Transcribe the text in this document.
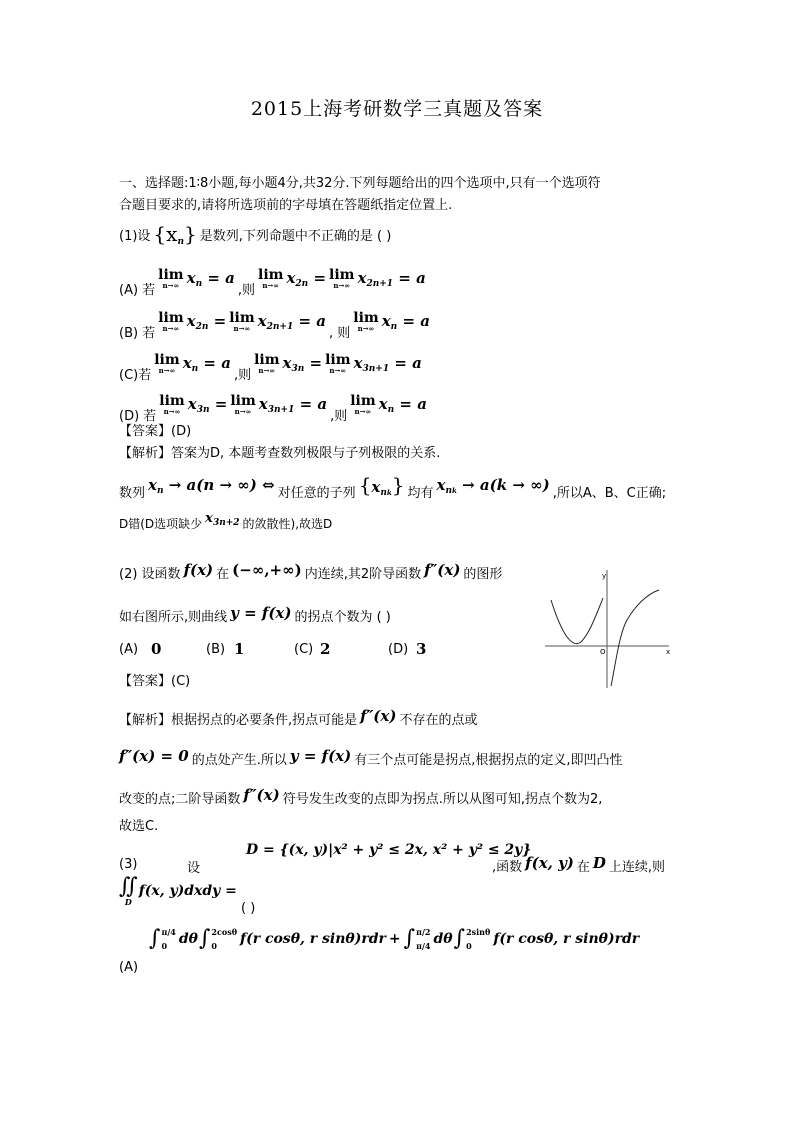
2015上海考研数学三真题及答案
一、选择题:1∶8小题,每小题4分,共32分.下列每题给出的四个选项中,只有一个选项符
合题目要求的,请将所选项前的字母填在答题纸指定位置上.
(1)设 $\{x_n\}$ 是数列,下列命题中不正确的是 ( )
(A) 若
lim
n→∞ $x_n = a$
,则
lim
n→∞ $x_{2n} = \lim$
n→∞ $x_{2n+1} = a$
(B) 若
lim
n→∞ $x_{2n} = \lim$
n→∞ $x_{2n+1} = a$
, 则
lim
n→∞ $x_n = a$
(C)若
lim
n→∞ $x_n = a$
,则
lim
n→∞ $x_{3n} = \lim$
n→∞ $x_{3n+1} = a$
(D) 若
lim
n→∞ $x_{3n} = \lim$
n→∞ $x_{3n+1} = a$
,则
lim
n→∞ $x_n = a$
【答案】(D)
【解析】答案为D, 本题考查数列极限与子列极限的关系.
数列 $x_n \to a(n$ → ∞) ⇔ 对任意的子列 $\{x_{nk}\}$ 均有 $x_{nk} \to a(k$ → ∞) ,所以A、B、C正确;
D错(D选项缺少 $x_{3n+2}$ 的敛散性),故选D
(2) 设函数 f(x) 在 (−∞,+∞) 内连续,其2阶导函数 f″(x) 的图形
如右图所示,则曲线 y = f(x) 的拐点个数为 ( )
(A) 0	(B) 1	(C) 2	(D) 3
y
O	x
【答案】(C)
【解析】根据拐点的必要条件,拐点可能是 f″(x) 不存在的点或
f″(x) = 0 的点处产生.所以 y = f(x) 有三个点可能是拐点,根据拐点的定义,即凹凸性
改变的点;二阶导函数 f″(x) 符号发生改变的点即为拐点.所以从图可知,拐点个数为2,
故选C.
(3)	设
D = {(x, y)|x² + y² ≤ 2x, x² + y² ≤ 2y}
,函数 f(x, y) 在 D 上连续,则
∬
D
f(x, y)dxdy =
( )
(A)
∫ π/4
0 dθ ∫ 2cosθ
0	f(r cosθ, r sinθ)rdr + ∫ π/2
π/4 dθ ∫ 2sinθ
0	f(r cosθ, r sinθ)rdr
